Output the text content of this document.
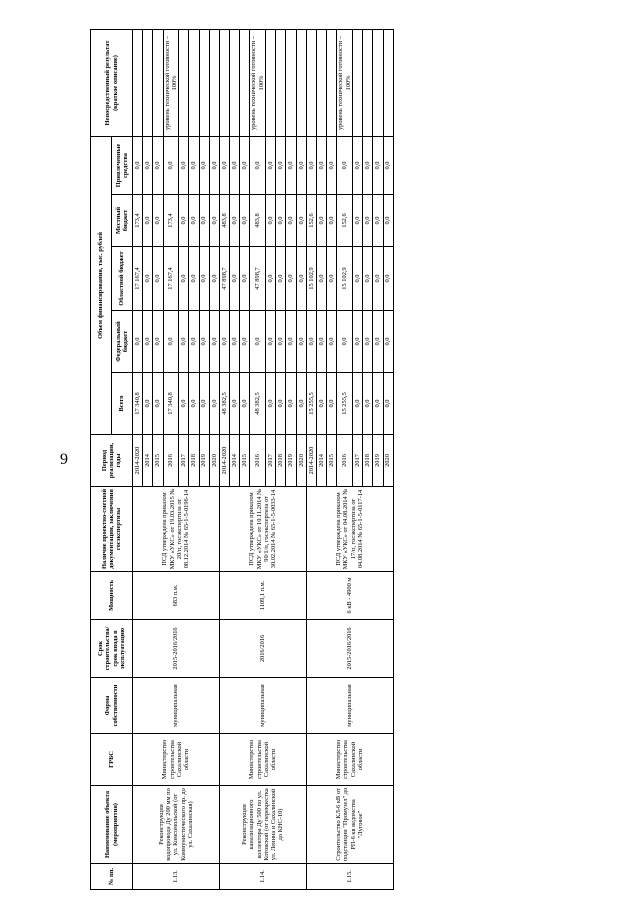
9
№ пп.	Наименование объекта (мероприятия)	ГРБС	Форма собственности	Срок строительства/ срок ввода в эксплуатацию	Мощность	Наличие проектно-сметной документации, заключения госэкспертизы	Период реализации, годы	Объем финансирования, тыс. рублей					Непосредственный результат (краткое описание)
								Всего	Федеральный бюджет	Областной бюджет	Местный бюджет	Привлеченные средства	
1.13.	Реконструкция водопровода Ду 200 мм по ул. Комсомольской (от Коммунистического пр. до ул. Сахалинская)	Министерство строительства Сахалинской области	муниципальная	2015-2016/2016	683 п.м.	ПСД утверждена приказом МКУ «УКС» от 19.03.2015 № 20/п, госэкспертиза от 08.12.2014 № 65-1-5-0196-14	2014-2020	17 340,8	0,0	17 167,4	173,4	0,0	
							2014	0,0	0,0	0,0	0,0	0,0	
							2015	0,0	0,0	0,0	0,0	0,0	
							2016	17 340,8	0,0	17 167,4	173,4	0,0	уровень технической готовности – 100%
							2017	0,0	0,0	0,0	0,0	0,0	
							2018	0,0	0,0	0,0	0,0	0,0	
							2019	0,0	0,0	0,0	0,0	0,0	
							2020	0,0	0,0	0,0	0,0	0,0	
1.14.	Реконструкция канализационного коллектора Ду 500 по ул. Котовской (от перекрестка ул. Ленина и Сахалинской до КНС-10)	Министерство строительства Сахалинской области	муниципальная	2016/2016	1109,1 п.м.	ПСД утверждена приказом МКУ «УКС» от 10.11.2014 № 90/1/п, госэкспертиза от 30.02.2014 № 65-1-5-0033-14	2014-2020	48 382,5	0,0	47 898,7	483,8	0,0	
							2014	0,0	0,0	0,0	0,0	0,0	
							2015	0,0	0,0	0,0	0,0	0,0	
							2016	48 382,5	0,0	47 898,7	483,8	0,0	уровень технической готовности – 100%
							2017	0,0	0,0	0,0	0,0	0,0	
							2018	0,0	0,0	0,0	0,0	0,0	
							2019	0,0	0,0	0,0	0,0	0,0	
							2020	0,0	0,0	0,0	0,0	0,0	
1.15.	Строительство КЛ-6 кВ от подстанции "Промузел" до РП-6 кв ведомства "Луговое"	Министерство строительства Сахалинской области	муниципальная	2015-2016/2016	6 кВ - 4900 м	ПСД утверждена приказом МКУ «УКС» от 04.08.2014 № 17/п, госэкспертиза от 04.08.2014 № 65-1-5-0117-14	2014-2020	15 255,5	0,0	15 102,9	152,6	0,0	
							2014	0,0	0,0	0,0	0,0	0,0	
							2015	0,0	0,0	0,0	0,0	0,0	
							2016	15 255,5	0,0	15 102,9	152,6	0,0	уровень технической готовности – 100%
							2017	0,0	0,0	0,0	0,0	0,0	
							2018	0,0	0,0	0,0	0,0	0,0	
							2019	0,0	0,0	0,0	0,0	0,0	
							2020	0,0	0,0	0,0	0,0	0,0	
